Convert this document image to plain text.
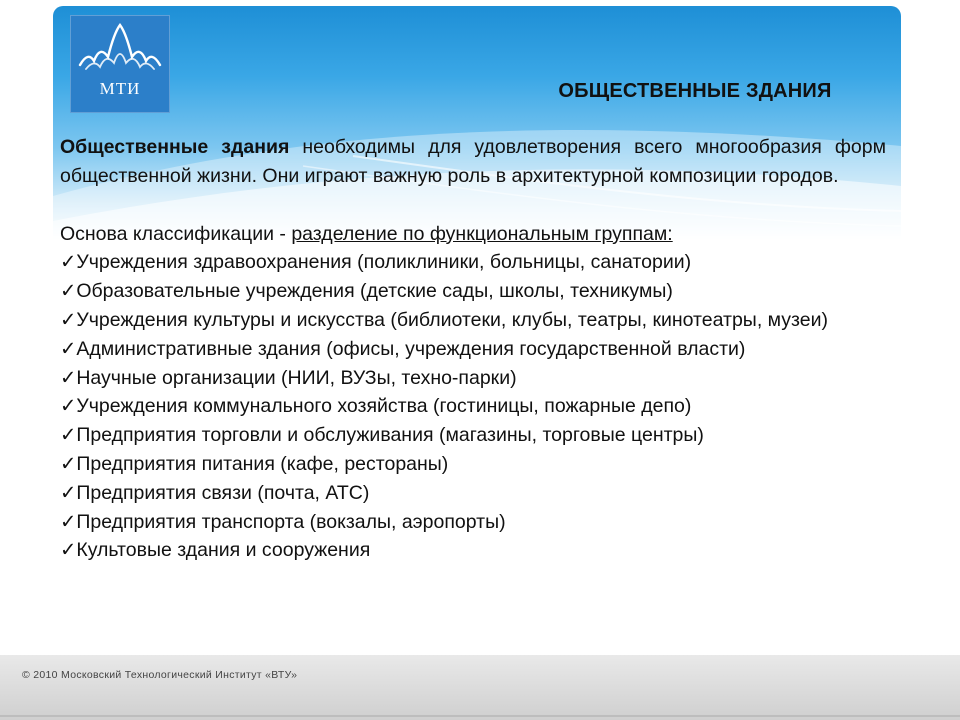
МТИ	ОБЩЕСТВЕННЫЕ ЗДАНИЯ

Общественные здания необходимы для удовлетворения всего многообразия форм общественной жизни. Они играют важную роль в архитектурной композиции городов.

Основа классификации - разделение по функциональным группам:

✓Учреждения здравоохранения (поликлиники, больницы, санатории)
✓Образовательные учреждения (детские сады, школы, техникумы)
✓Учреждения культуры и искусства (библиотеки, клубы, театры, кинотеатры, музеи)
✓Административные здания (офисы, учреждения государственной власти)
✓Научные организации (НИИ, ВУЗы, техно-парки)
✓Учреждения коммунального хозяйства (гостиницы, пожарные депо)
✓Предприятия торговли и обслуживания (магазины, торговые центры)
✓Предприятия питания (кафе, рестораны)
✓Предприятия связи (почта, АТС)
✓Предприятия транспорта (вокзалы, аэропорты)
✓Культовые здания и сооружения
© 2010 Московский Технологический Институт «ВТУ»
